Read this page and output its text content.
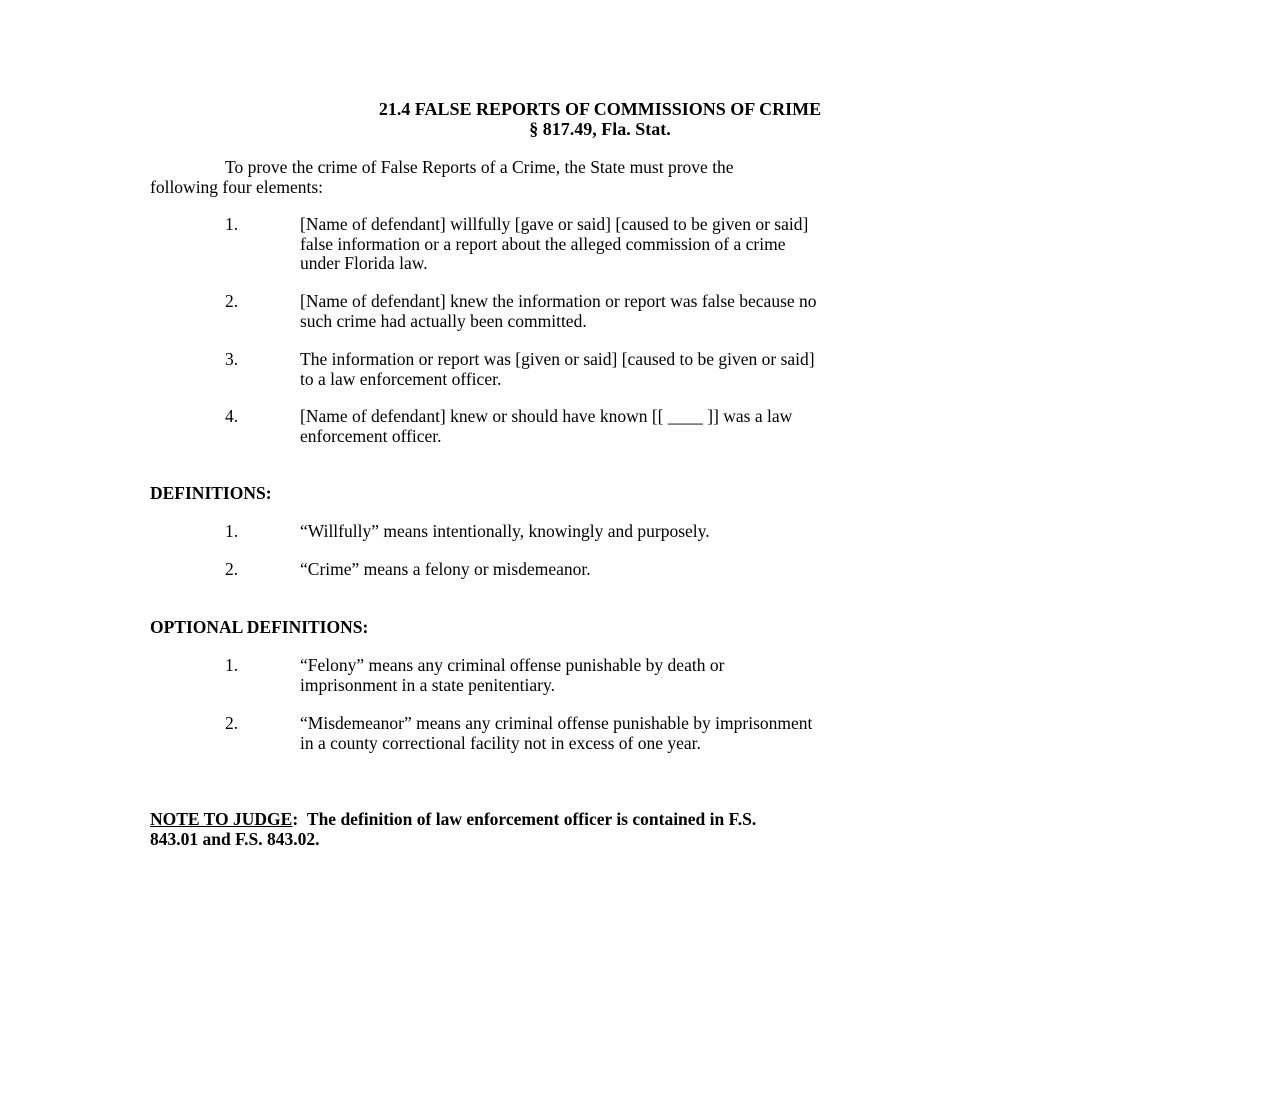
21.4 FALSE REPORTS OF COMMISSIONS OF CRIME
§ 817.49, Fla. Stat.
To prove the crime of False Reports of a Crime, the State must prove the
following four elements:
1.	[Name of defendant] willfully [gave or said] [caused to be given or said]
false information or a report about the alleged commission of a crime
under Florida law.
2.	[Name of defendant] knew the information or report was false because no
such crime had actually been committed.
3.	The information or report was [given or said] [caused to be given or said]
to a law enforcement officer.
4.	[Name of defendant] knew or should have known [[ ____ ]] was a law
enforcement officer.
DEFINITIONS:
1.	“Willfully” means intentionally, knowingly and purposely.
2.	“Crime” means a felony or misdemeanor.
OPTIONAL DEFINITIONS:
1.	“Felony” means any criminal offense punishable by death or
imprisonment in a state penitentiary.
2.	“Misdemeanor” means any criminal offense punishable by imprisonment
in a county correctional facility not in excess of one year.
NOTE TO JUDGE: The definition of law enforcement officer is contained in F.S.
843.01 and F.S. 843.02.
